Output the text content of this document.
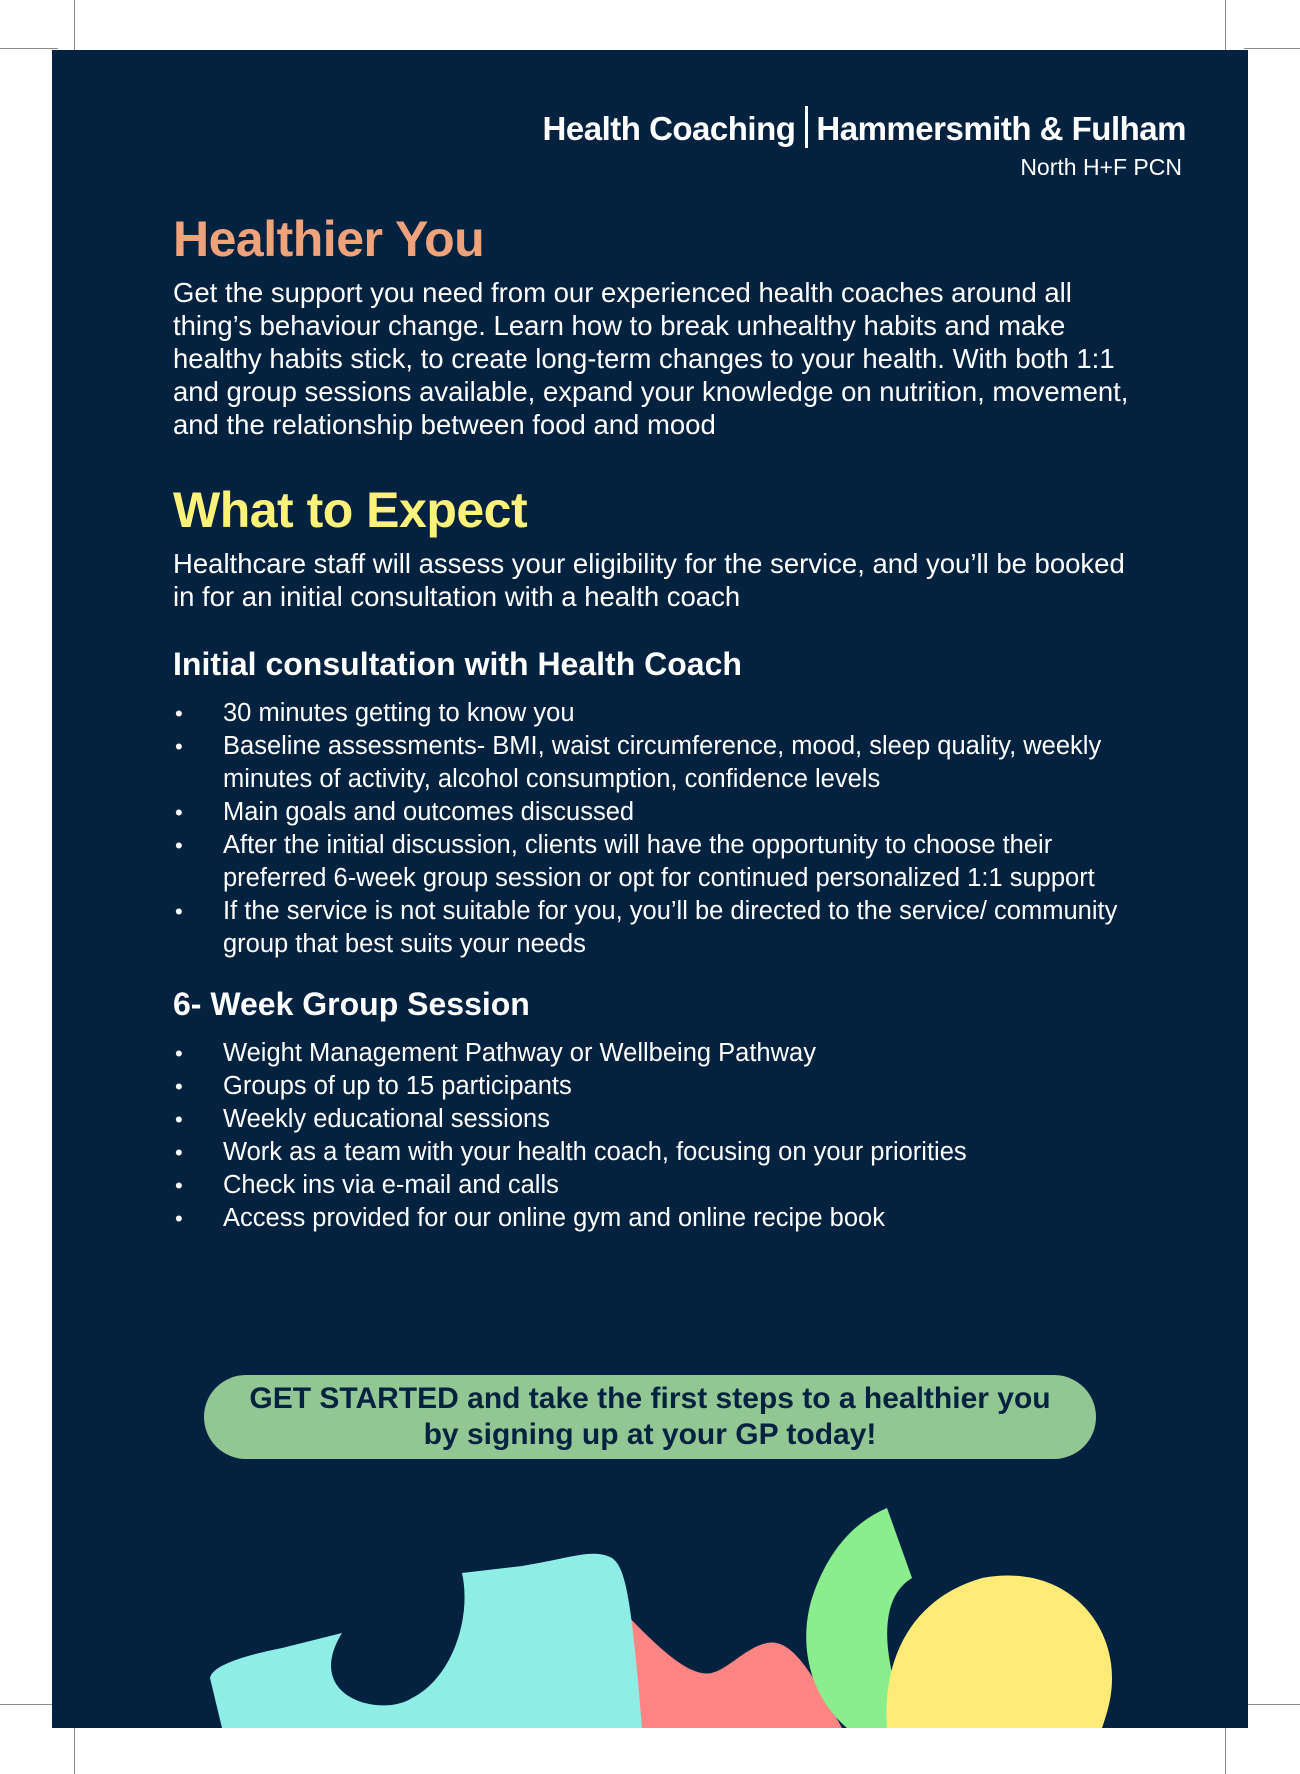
Health Coaching Hammersmith & Fulham
North H+F PCN
Healthier You

Get the support you need from our experienced health coaches around all thing’s behaviour change. Learn how to break unhealthy habits and make healthy habits stick, to create long-term changes to your health. With both 1:1 and group sessions available, expand your knowledge on nutrition, movement, and the relationship between food and mood

What to Expect

Healthcare staff will assess your eligibility for the service, and you’ll be booked in for an initial consultation with a health coach

Initial consultation with Health Coach
• 30 minutes getting to know you
• Baseline assessments- BMI, waist circumference, mood, sleep quality, weekly minutes of activity, alcohol consumption, confidence levels
• Main goals and outcomes discussed
• After the initial discussion, clients will have the opportunity to choose their preferred 6-week group session or opt for continued personalized 1:1 support
• If the service is not suitable for you, you’ll be directed to the service/ community group that best suits your needs
6- Week Group Session
• Weight Management Pathway or Wellbeing Pathway
• Groups of up to 15 participants
• Weekly educational sessions
• Work as a team with your health coach, focusing on your priorities
• Check ins via e-mail and calls
• Access provided for our online gym and online recipe book
GET STARTED and take the first steps to a healthier you by signing up at your GP today!
